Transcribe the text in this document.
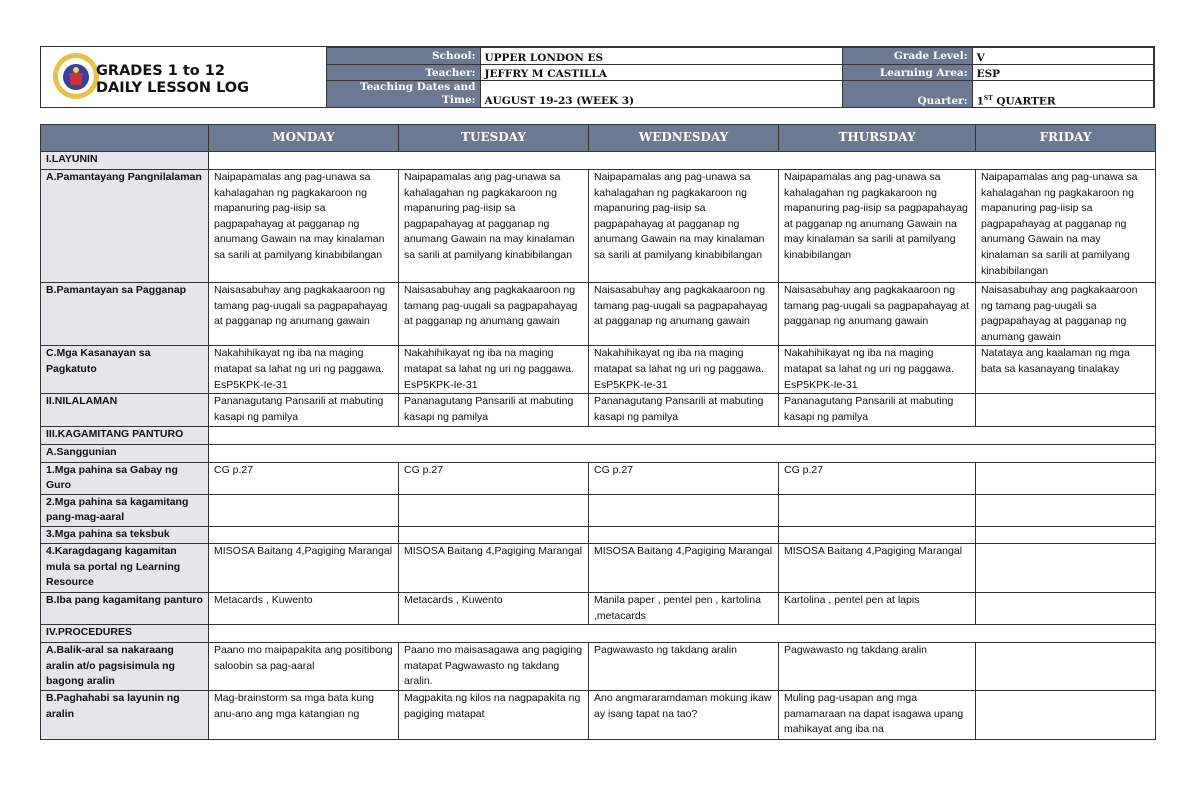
GRADES 1 to 12
DAILY LESSON LOG
School:	UPPER LONDON ES	Grade Level:	V
Teacher:	JEFFRY M CASTILLA	Learning Area:	ESP

Teaching Dates and
Time:	AUGUST 19-23 (WEEK 3)	Quarter:	1ST QUARTER
	MONDAY	TUESDAY	WEDNESDAY	THURSDAY	FRIDAY
I.LAYUNIN					
A.Pamantayang Pangnilalaman	Naipapamalas ang pag-unawa sa kahalagahan ng pagkakaroon ng mapanuring pag-iisip sa pagpapahayag at pagganap ng anumang Gawain na may kinalaman sa sarili at pamilyang kinabibilangan	Naipapamalas ang pag-unawa sa kahalagahan ng pagkakaroon ng mapanuring pag-iisip sa pagpapahayag at pagganap ng anumang Gawain na may kinalaman sa sarili at pamilyang kinabibilangan	Naipapamalas ang pag-unawa sa kahalagahan ng pagkakaroon ng mapanuring pag-iisip sa pagpapahayag at pagganap ng anumang Gawain na may kinalaman sa sarili at pamilyang kinabibilangan	Naipapamalas ang pag-unawa sa kahalagahan ng pagkakaroon ng mapanuring pag-iisip sa pagpapahayag at pagganap ng anumang Gawain na may kinalaman sa sarili at pamilyang kinabibilangan	Naipapamalas ang pag-unawa sa kahalagahan ng pagkakaroon ng mapanuring pag-iisip sa pagpapahayag at pagganap ng anumang Gawain na may kinalaman sa sarili at pamilyang kinabibilangan
B.Pamantayan sa Pagganap	Naisasabuhay ang pagkakaaroon ng tamang pag-uugali sa pagpapahayag at pagganap ng anumang gawain	Naisasabuhay ang pagkakaaroon ng tamang pag-uugali sa pagpapahayag at pagganap ng anumang gawain	Naisasabuhay ang pagkakaaroon ng tamang pag-uugali sa pagpapahayag at pagganap ng anumang gawain	Naisasabuhay ang pagkakaaroon ng tamang pag-uugali sa pagpapahayag at pagganap ng anumang gawain	Naisasabuhay ang pagkakaaroon ng tamang pag-uugali sa pagpapahayag at pagganap ng anumang gawain
C.Mga Kasanayan sa Pagkatuto	Nakahihikayat ng iba na maging matapat sa lahat ng uri ng paggawa. EsP5KPK-Ie-31	Nakahihikayat ng iba na maging matapat sa lahat ng uri ng paggawa. EsP5KPK-Ie-31	Nakahihikayat ng iba na maging matapat sa lahat ng uri ng paggawa. EsP5KPK-Ie-31	Nakahihikayat ng iba na maging matapat sa lahat ng uri ng paggawa. EsP5KPK-Ie-31	Natataya ang kaalaman ng mga bata sa kasanayang tinalakay
II.NILALAMAN	Pananagutang Pansarili at mabuting kasapi ng pamilya	Pananagutang Pansarili at mabuting kasapi ng pamilya	Pananagutang Pansarili at mabuting kasapi ng pamilya	Pananagutang Pansarili at mabuting kasapi ng pamilya	
III.KAGAMITANG PANTURO					
A.Sanggunian					
1.Mga pahina sa Gabay ng Guro	CG p.27	CG p.27	CG p.27	CG p.27	
2.Mga pahina sa kagamitang pang-mag-aaral					
3.Mga pahina sa teksbuk					
4.Karagdagang kagamitan mula sa portal ng Learning Resource	MISOSA Baitang 4,Pagiging Marangal	MISOSA Baitang 4,Pagiging Marangal	MISOSA Baitang 4,Pagiging Marangal	MISOSA Baitang 4,Pagiging Marangal	
B.Iba pang kagamitang panturo	Metacards , Kuwento	Metacards , Kuwento	Manila paper , pentel pen , kartolina ,metacards	Kartolina , pentel pen at lapis	
IV.PROCEDURES					
A.Balik-aral sa nakaraang aralin at/o pagsisimula ng bagong aralin	Paano mo maipapakita ang positibong saloobin sa pag-aaral	Paano mo maisasagawa ang pagiging matapat Pagwawasto ng takdang aralin.	Pagwawasto ng takdang aralin	Pagwawasto ng takdang aralin	
B.Paghahabi sa layunin ng aralin	Mag-brainstorm sa mga bata kung anu-ano ang mga katangian ng	Magpakita ng kilos na nagpapakita ng pagiging matapat	Ano angmararamdaman mokung ikaw ay isang tapat na tao?	Muling pag-usapan ang mga pamamaraan na dapat isagawa upang mahikayat ang iba na	
